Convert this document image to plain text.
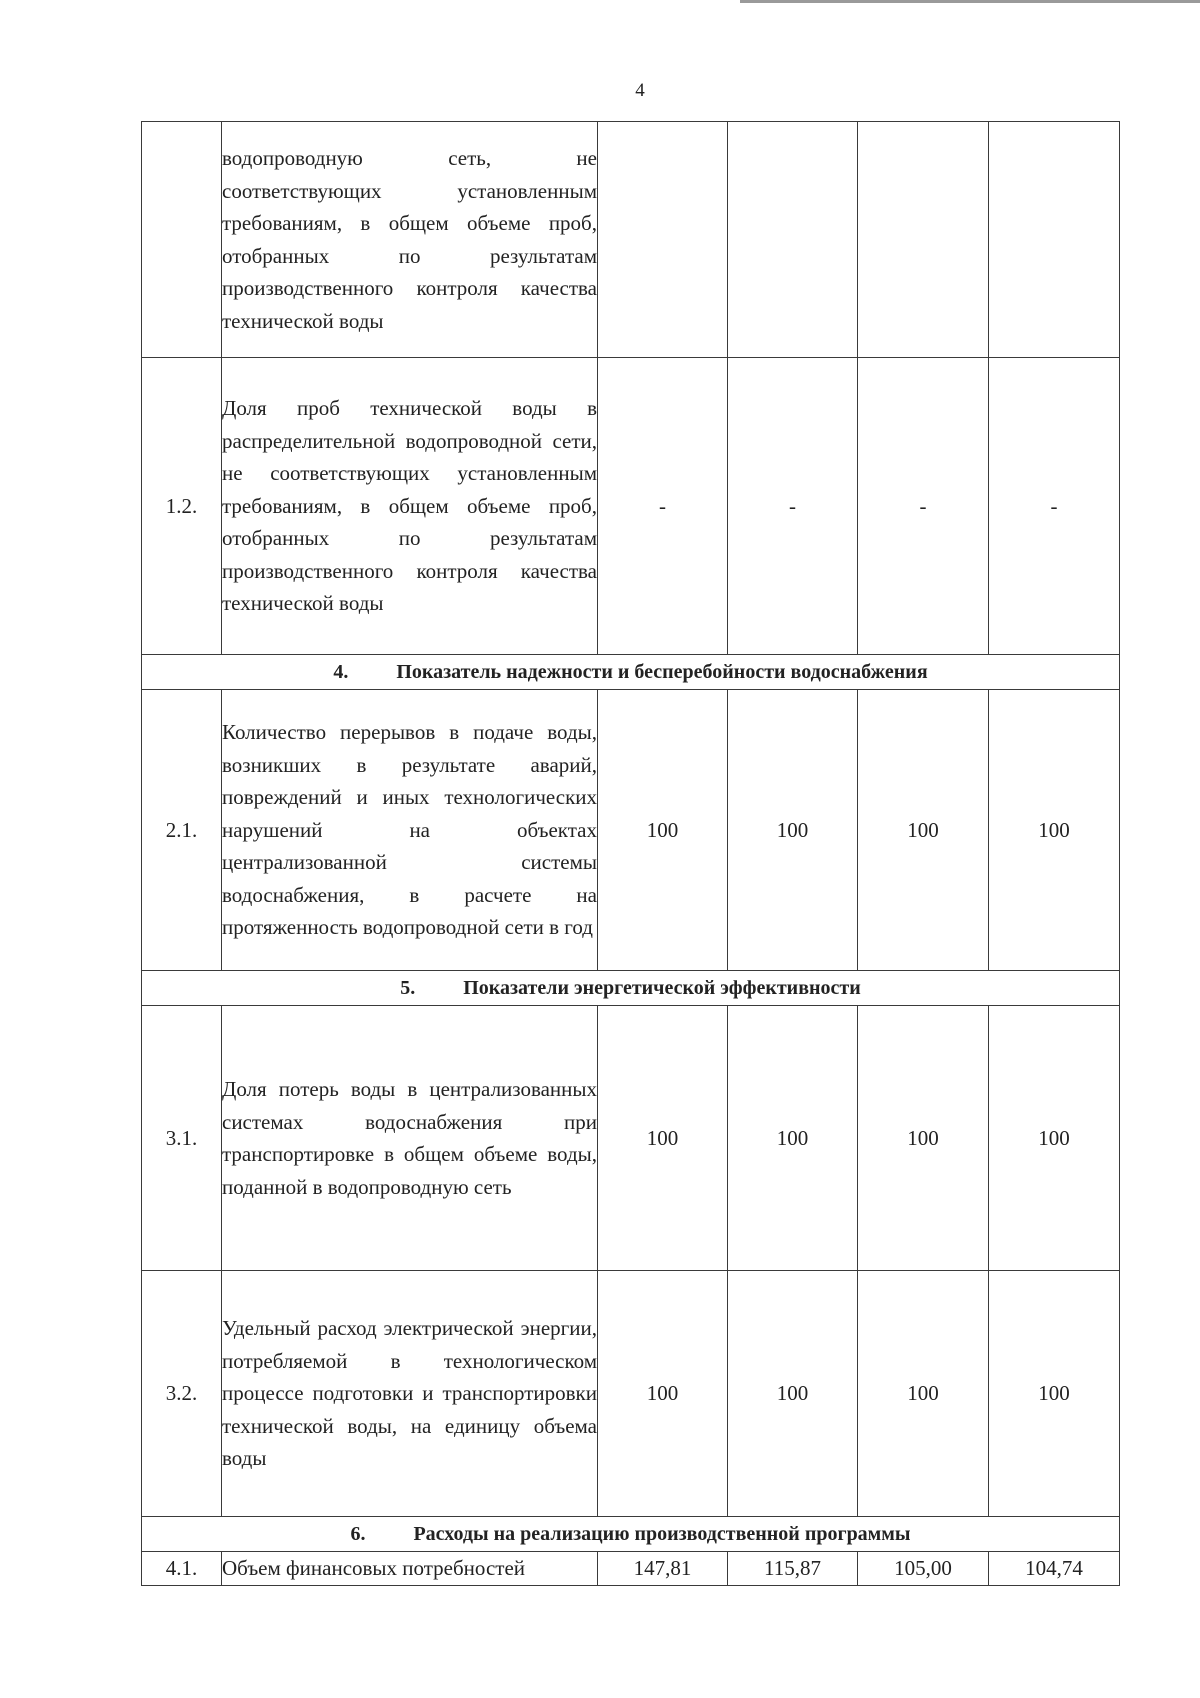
4
	водопроводную сеть, не соответствующих установленным требованиям, в общем объеме проб, отобранных по результатам производственного контроля качества технической воды				
1.2.	Доля проб технической воды в распределительной водопроводной сети, не соответствующих установленным требованиям, в общем объеме проб, отобранных по результатам производственного контроля качества технической воды	-	-	-	-
4. Показатель надежности и бесперебойности водоснабжения					
2.1.	Количество перерывов в подаче воды, возникших в результате аварий, повреждений и иных технологических нарушений на объектах централизованной системы водоснабжения, в расчете на протяженность водопроводной сети в год	100	100	100	100
5. Показатели энергетической эффективности					
3.1.	Доля потерь воды в централизованных системах водоснабжения при транспортировке в общем объеме воды, поданной в водопроводную сеть	100	100	100	100
3.2.	Удельный расход электрической энергии, потребляемой в технологическом процессе подготовки и транспортировки технической воды, на единицу объема воды	100	100	100	100
6. Расходы на реализацию производственной программы					
4.1.	Объем финансовых потребностей	147,81	115,87	105,00	104,74
